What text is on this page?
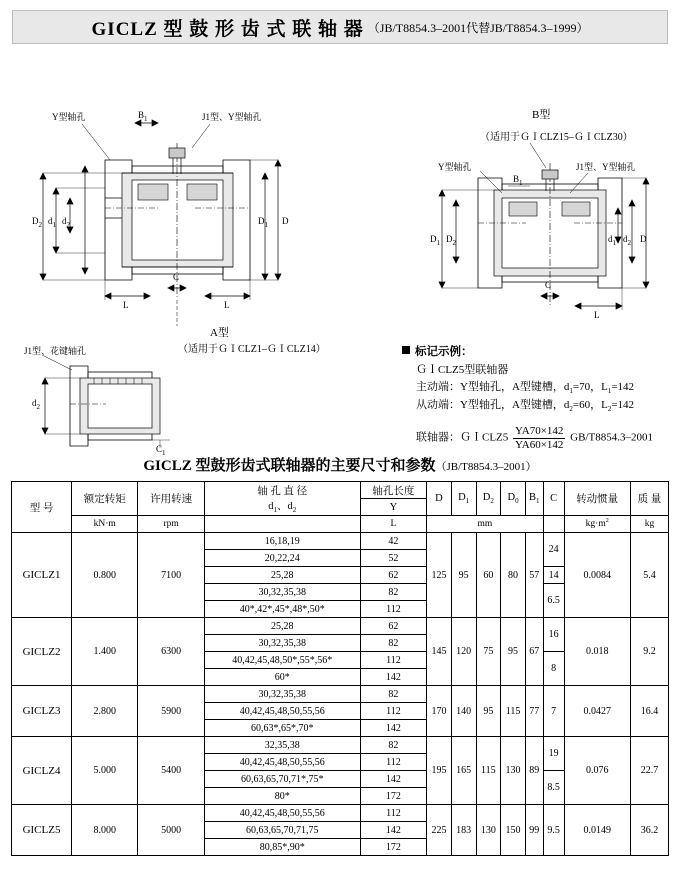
GICLZ 型 鼓 形 齿 式 联 轴 器 （JB/T8854.3–2001代替JB/T8854.3–1999）
Y型轴孔	$B_1$	J1型、Y型轴孔
$D_2$ $d_1$ $d_2$	$D_1$ D
L
C
L
A型
（适用于ＧＩCLZ1–ＧＩCLZ14）
B型
（适用于ＧＩCLZ15–ＧＩCLZ30）
Y型轴孔	J1型、Y型轴孔
$B_1$
$D_1$ $D_2$	$d_1$ $d_2$ D
C
L
J1型、花键轴孔
$d_2$
$C_1$
标记示例：
ＧＩCLZ5型联轴器
主动端：Y型轴孔，A型键槽，$d_1=70$，$L_1=142$
从动端：Y型轴孔，A型键槽，$d_2=60$，$L_2=142$
联轴器：ＧＩCLZ5 $\frac{YA70\times 142}{YA60\times 142} GB/T8854.3-2001$
GICLZ 型鼓形齿式联轴器的主要尺寸和参数（JB/T8854.3–2001）
型 号	额定转矩	许用转速	轴 孔 直 径
$d_1$、$d_2$	轴孔长度	D	$D_1$	$D_2$	$D_0$	$B_1$	C	转动惯量	质 量
				Y								
	kN·m	rpm		L	mm						$kg\cdot m^2$	kg
GICLZ1	0.800	7100	16,18,19	42	125	95	60	80	57	24	0.0084	5.4
			20,22,24	52								
			25,28	62						14		
			30,32,35,38	82						6.5		
			40*,42*,45*,48*,50*	112								
GICLZ2	1.400	6300	25,28	62	145	120	75	95	67	16	0.018	9.2
			30,32,35,38	82								
			40,42,45,48,50*,55*,56*	112						8		
			60*	142								
GICLZ3	2.800	5900	30,32,35,38	82	170	140	95	115	77	7	0.0427	16.4
			40,42,45,48,50,55,56	112								
			60,63*,65*,70*	142								
GICLZ4	5.000	5400	32,35,38	82	195	165	115	130	89	19	0.076	22.7
			40,42,45,48,50,55,56	112								
			60,63,65,70,71*,75*	142						8.5		
			80*	172								
GICLZ5	8.000	5000	40,42,45,48,50,55,56	112	225	183	130	150	99	9.5	0.0149	36.2
			60,63,65,70,71,75	142								
			80,85*,90*	172								
